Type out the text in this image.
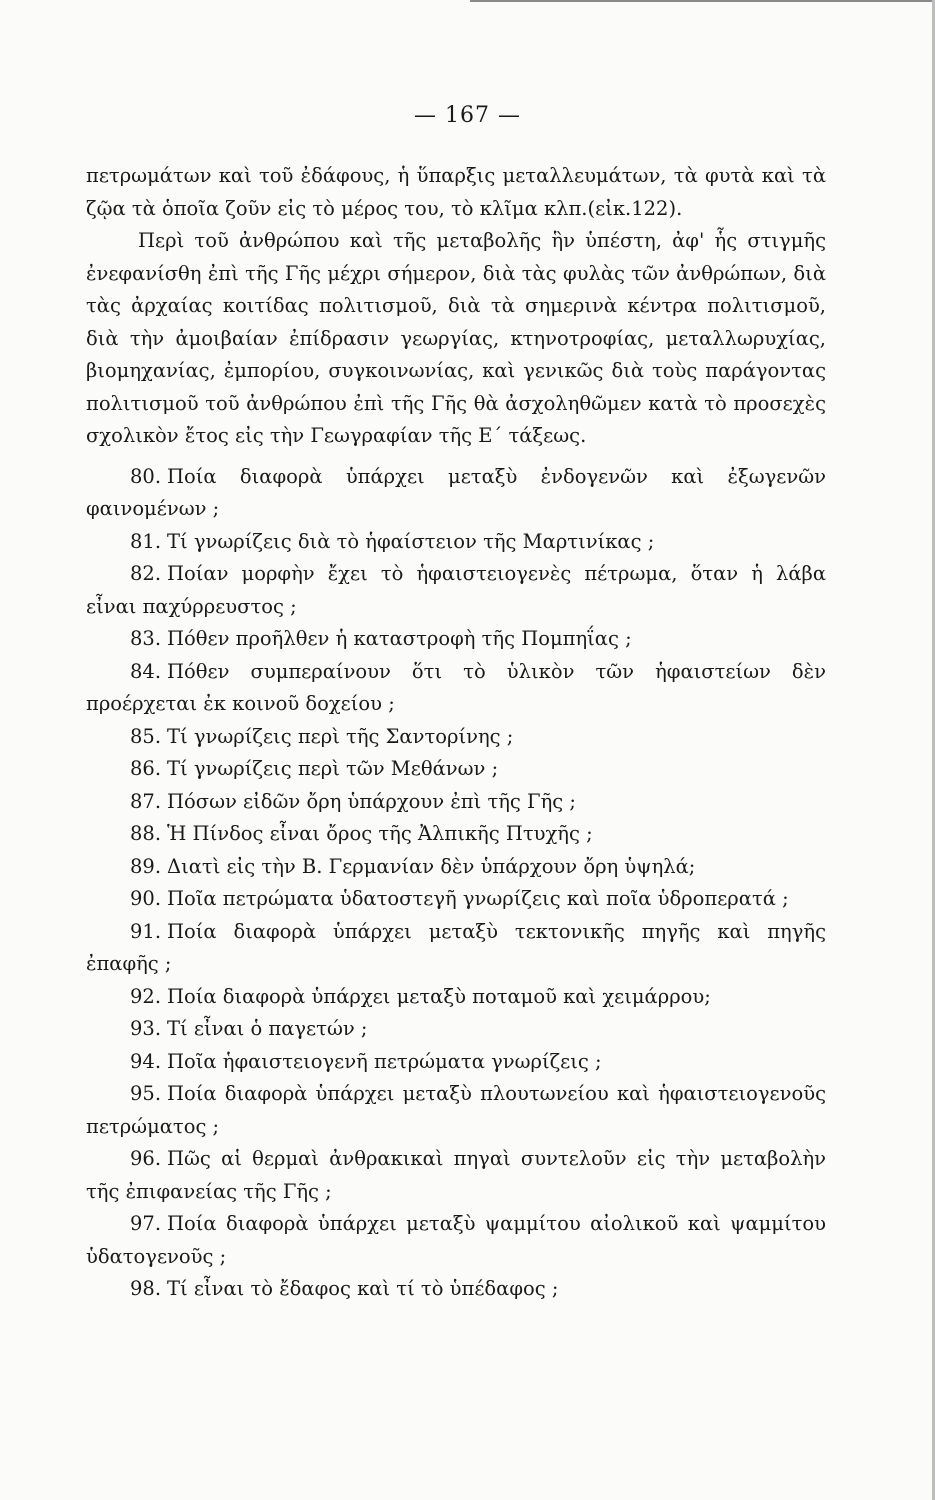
— 167 —

πετρωμάτων καὶ τοῦ ἐδάφους, ἡ ὕπαρξις μεταλλευμάτων, τὰ φυτὰ καὶ τὰ ζῷα τὰ ὁποῖα ζοῦν εἰς τὸ μέρος του, τὸ κλῖμα κλπ.(εἰκ.122).

Περὶ τοῦ ἀνθρώπου καὶ τῆς μεταβολῆς ἣν ὑπέστη, ἀφ' ἧς στιγμῆς ἐνεφανίσθη ἐπὶ τῆς Γῆς μέχρι σήμερον, διὰ τὰς φυλὰς τῶν ἀνθρώπων, διὰ τὰς ἀρχαίας κοιτίδας πολιτισμοῦ, διὰ τὰ σημερινὰ κέντρα πολιτισμοῦ, διὰ τὴν ἀμοιβαίαν ἐπίδρασιν γεωργίας, κτηνοτροφίας, μεταλλωρυχίας, βιομηχανίας, ἐμπορίου, συγκοινωνίας, καὶ γενικῶς διὰ τοὺς παράγοντας πολιτισμοῦ τοῦ ἀνθρώπου ἐπὶ τῆς Γῆς θὰ ἀσχοληθῶμεν κατὰ τὸ προσεχὲς σχολικὸν ἔτος εἰς τὴν Γεωγραφίαν τῆς Ε΄ τάξεως.

80. Ποία διαφορὰ ὑπάρχει μεταξὺ ἐνδογενῶν καὶ ἐξωγενῶν φαινομένων ;

81. Τί γνωρίζεις διὰ τὸ ἡφαίστειον τῆς Μαρτινίκας ;

82. Ποίαν μορφὴν ἔχει τὸ ἡφαιστειογενὲς πέτρωμα, ὅταν ἡ λάβα εἶναι παχύρρευστος ;

83. Πόθεν προῆλθεν ἡ καταστροφὴ τῆς Πομπηΐας ;

84. Πόθεν συμπεραίνουν ὅτι τὸ ὑλικὸν τῶν ἡφαιστείων δὲν προέρχεται ἐκ κοινοῦ δοχείου ;

85. Τί γνωρίζεις περὶ τῆς Σαντορίνης ;

86. Τί γνωρίζεις περὶ τῶν Μεθάνων ;

87. Πόσων εἰδῶν ὄρη ὑπάρχουν ἐπὶ τῆς Γῆς ;

88. Ἡ Πίνδος εἶναι ὄρος τῆς Ἀλπικῆς Πτυχῆς ;

89. Διατὶ εἰς τὴν Β. Γερμανίαν δὲν ὑπάρχουν ὄρη ὑψηλά;

90. Ποῖα πετρώματα ὑδατοστεγῆ γνωρίζεις καὶ ποῖα ὑδροπερατά ;

91. Ποία διαφορὰ ὑπάρχει μεταξὺ τεκτονικῆς πηγῆς καὶ πηγῆς ἐπαφῆς ;

92. Ποία διαφορὰ ὑπάρχει μεταξὺ ποταμοῦ καὶ χειμάρρου;

93. Τί εἶναι ὁ παγετών ;

94. Ποῖα ἡφαιστειογενῆ πετρώματα γνωρίζεις ;

95. Ποία διαφορὰ ὑπάρχει μεταξὺ πλουτωνείου καὶ ἡφαιστειογενοῦς πετρώματος ;

96. Πῶς αἱ θερμαὶ ἀνθρακικαὶ πηγαὶ συντελοῦν εἰς τὴν μεταβολὴν τῆς ἐπιφανείας τῆς Γῆς ;

97. Ποία διαφορὰ ὑπάρχει μεταξὺ ψαμμίτου αἰολικοῦ καὶ ψαμμίτου ὑδατογενοῦς ;

98. Τί εἶναι τὸ ἔδαφος καὶ τί τὸ ὑπέδαφος ;
